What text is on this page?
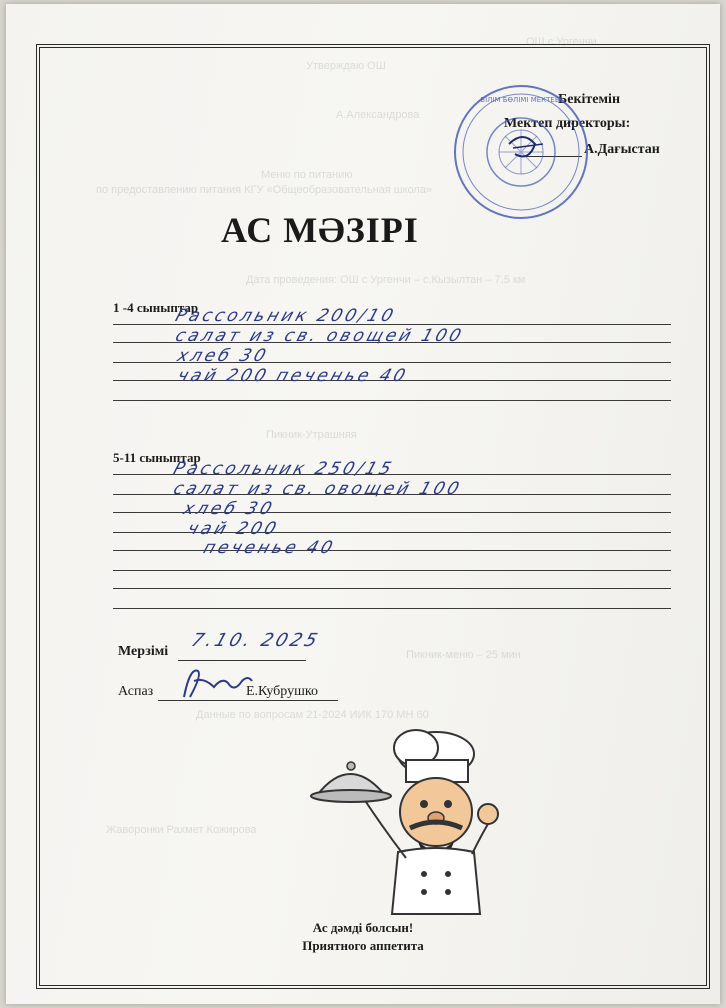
ОШ с Ургенчи
Утверждаю ОШ
А.Александрова
Меню по питанию
по предоставлению питания КГУ «Общеобразовательная школа»
Дата проведения: ОШ с Ургенчи – с.Кызылтан – 7,5 км
Пикник-Утрашняя
Пикник-меню – 25 мин
Данные по вопросам 21-2024 ИИК 170 МН 60
Жаворонки Рахмет Кожирова
Бекітемін
Мектеп директоры:
А.Дағыстан
БІЛІМ БӨЛІМІ МЕКТЕБІ
АС МӘЗІРІ
1 -4 сыныптар
Рассольник 200/10
салат из св. овощей 100
хлеб 30
чай 200 печенье 40
5-11 сыныптар
Рассольник 250/15
салат из св. овощей 100
хлеб 30
чай 200
печенье 40
Мерзімі
7.10. 2025
Аспаз	Е.Кубрушко
Ас дәмді болсын!
Приятного аппетита
